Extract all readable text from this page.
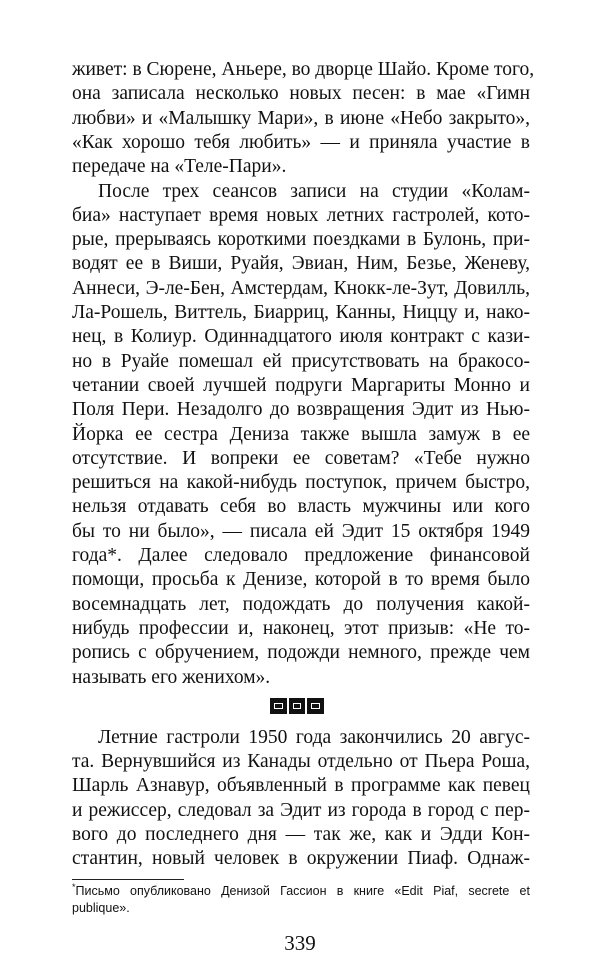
живет: в Сюрене, Аньере, во дворце Шайо. Кроме того,
она записала несколько новых песен: в мае «Гимн
любви» и «Малышку Мари», в июне «Небо закрыто»,
«Как хорошо тебя любить» — и приняла участие в
передаче на «Теле-Пари».
После трех сеансов записи на студии «Колам-
биа» наступает время новых летних гастролей, кото-
рые, прерываясь короткими поездками в Булонь, при-
водят ее в Виши, Руайя, Эвиан, Ним, Безье, Женеву,
Аннеси, Э-ле-Бен, Амстердам, Кнокк-ле-Зут, Довилль,
Ла-Рошель, Виттель, Биарриц, Канны, Ниццу и, нако-
нец, в Колиур. Одиннадцатого июля контракт с кази-
но в Руайе помешал ей присутствовать на бракосо-
четании своей лучшей подруги Маргариты Монно и
Поля Пери. Незадолго до возвращения Эдит из Нью-
Йорка ее сестра Дениза также вышла замуж в ее
отсутствие. И вопреки ее советам? «Тебе нужно
решиться на какой-нибудь поступок, причем быстро,
нельзя отдавать себя во власть мужчины или кого
бы то ни было», — писала ей Эдит 15 октября 1949
года*. Далее следовало предложение финансовой
помощи, просьба к Денизе, которой в то время было
восемнадцать лет, подождать до получения какой-
нибудь профессии и, наконец, этот призыв: «Не то-
ропись с обручением, подожди немного, прежде чем
называть его женихом».
Летние гастроли 1950 года закончились 20 авгус-
та. Вернувшийся из Канады отдельно от Пьера Роша,
Шарль Азнавур, объявленный в программе как певец
и режиссер, следовал за Эдит из города в город с пер-
вого до последнего дня — так же, как и Эдди Кон-
стантин, новый человек в окружении Пиаф. Однаж-
*Письмо опубликовано Денизой Гассион в книге «Edit Piaf, secrete et
publique».
339
